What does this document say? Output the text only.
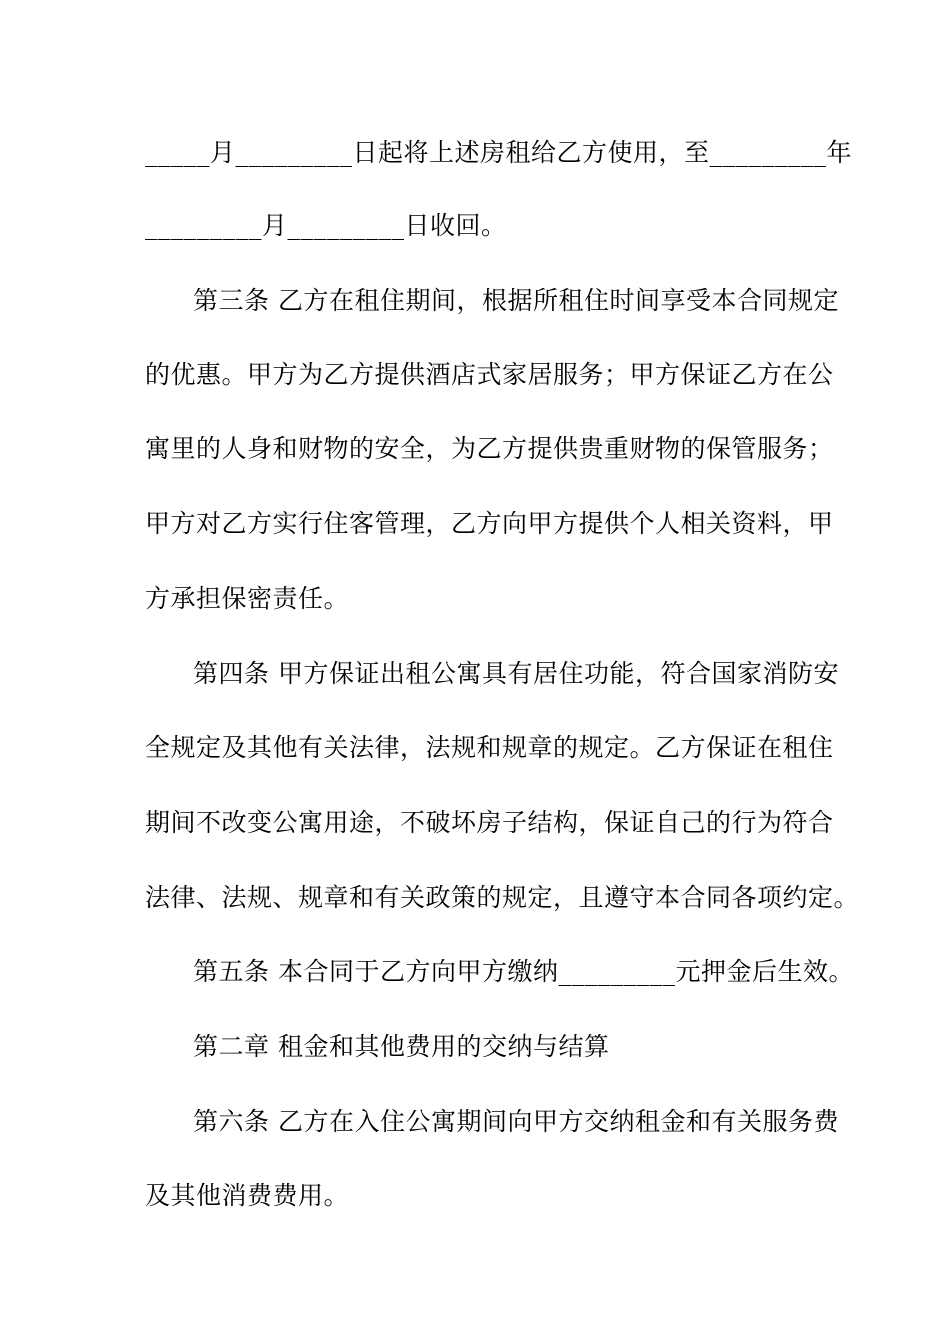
_____月_________日起将上述房租给乙方使用，至_________年
_________月_________日收回。
第三条 乙方在租住期间，根据所租住时间享受本合同规定
的优惠。甲方为乙方提供酒店式家居服务；甲方保证乙方在公
寓里的人身和财物的安全，为乙方提供贵重财物的保管服务；
甲方对乙方实行住客管理，乙方向甲方提供个人相关资料，甲
方承担保密责任。
第四条 甲方保证出租公寓具有居住功能，符合国家消防安
全规定及其他有关法律，法规和规章的规定。乙方保证在租住
期间不改变公寓用途，不破坏房子结构，保证自己的行为符合
法律、法规、规章和有关政策的规定，且遵守本合同各项约定。
第五条 本合同于乙方向甲方缴纳_________元押金后生效。
第二章 租金和其他费用的交纳与结算
第六条 乙方在入住公寓期间向甲方交纳租金和有关服务费
及其他消费费用。
